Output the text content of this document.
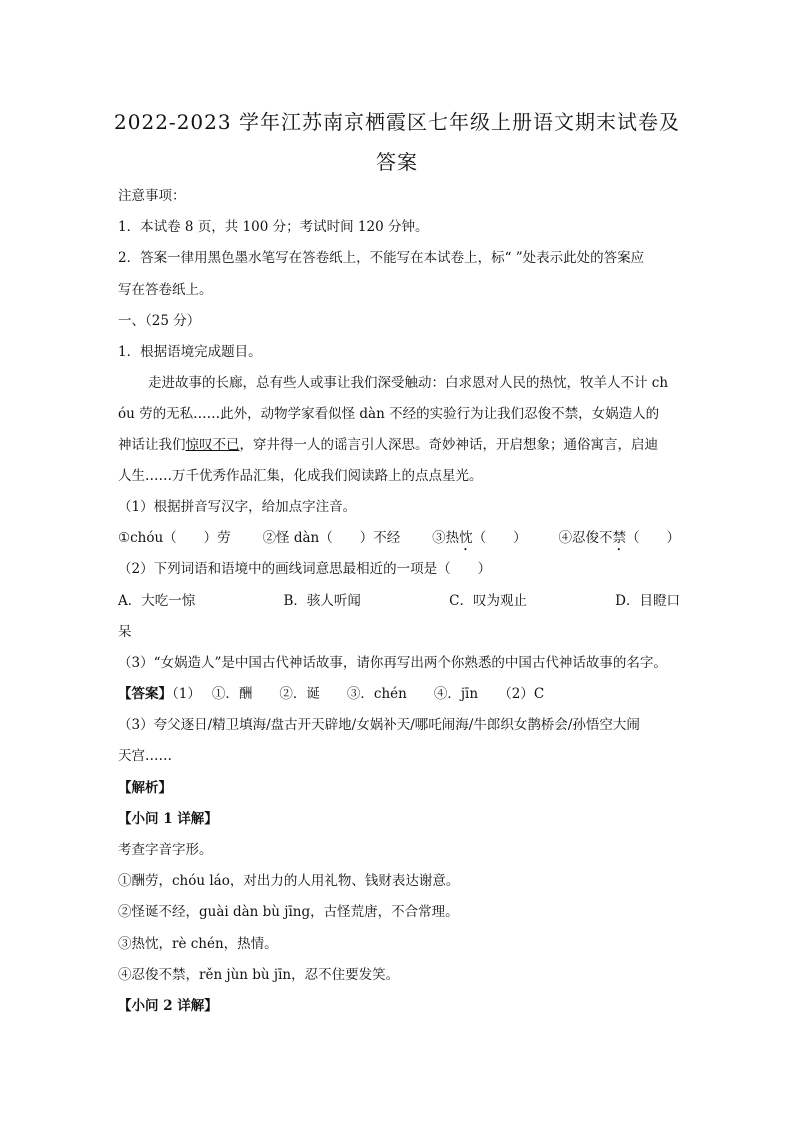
2022-2023 学年江苏南京栖霞区七年级上册语文期末试卷及
答案
注意事项：
1．本试卷 8 页，共 100 分；考试时间 120 分钟。
2．答案一律用黑色墨水笔写在答卷纸上，不能写在本试卷上，标“ ”处表示此处的答案应
写在答卷纸上。
一、（25 分）
1．根据语境完成题目。
走进故事的长廊，总有些人或事让我们深受触动：白求恩对人民的热忱，牧羊人不计 ch
óu 劳的无私……此外，动物学家看似怪 dàn 不经的实验行为让我们忍俊不禁，女娲造人的
神话让我们惊叹不已，穿井得一人的谣言引人深思。奇妙神话，开启想象；通俗寓言，启迪
人生……万千优秀作品汇集，化成我们阅读路上的点点星光。
（1）根据拼音写汉字，给加点字注音。
①chóu（　　）劳 ②怪 dàn（　　）不经 ③热忱（　　） ④忍俊不禁（　　）
（2）下列词语和语境中的画线词意思最相近的一项是（　　）
A．大吃一惊	B．骇人听闻	C．叹为观止	D．目瞪口
呆
（3）“女娲造人”是中国古代神话故事，请你再写出两个你熟悉的中国古代神话故事的名字。
【答案】（1）　 ①．酬　　②．诞　　③．chén　　④．jīn　　（2）C
（3）夸父逐日/精卫填海/盘古开天辟地/女娲补天/哪吒闹海/牛郎织女鹊桥会/孙悟空大闹
天宫……
【解析】
【小问 1 详解】
考查字音字形。
①酬劳，chóu láo，对出力的人用礼物、钱财表达谢意。
②怪诞不经，guài dàn bù jīng，古怪荒唐，不合常理。
③热忱，rè chén，热情。
④忍俊不禁，rěn jùn bù jīn，忍不住要发笑。
【小问 2 详解】
